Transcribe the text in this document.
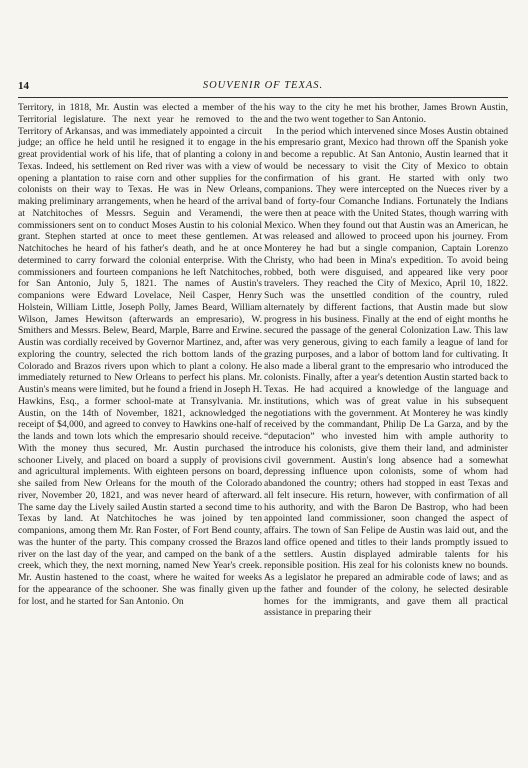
14	SOUVENIR OF TEXAS.

Territory, in 1818, Mr. Austin was elected a member of the Territorial legislature. The next year he removed to the Territory of Arkansas, and was immediately appointed a circuit judge; an office he held until he resigned it to engage in the great providential work of his life, that of planting a colony in Texas. Indeed, his settlement on Red river was with a view of opening a plantation to raise corn and other supplies for the colonists on their way to Texas. He was in New Orleans, making preliminary arrangements, when he heard of the arrival at Natchitoches of Messrs. Seguin and Veramendi, the commissioners sent on to conduct Moses Austin to his colonial grant. Stephen started at once to meet these gentlemen. At Natchitoches he heard of his father's death, and he at once determined to carry forward the colonial enterprise. With the commissioners and fourteen companions he left Natchitoches, for San Antonio, July 5, 1821. The names of Austin's companions were Edward Lovelace, Neil Casper, Henry Holstein, William Little, Joseph Polly, James Beard, William Wilson, James Hewitson (afterwards an empresario), W. Smithers and Messrs. Belew, Beard, Marple, Barre and Erwine. Austin was cordially received by Governor Martinez, and, after exploring the country, selected the rich bottom lands of the Colorado and Brazos rivers upon which to plant a colony. He immediately returned to New Orleans to perfect his plans. Mr. Austin's means were limited, but he found a friend in Joseph H. Hawkins, Esq., a former school-mate at Transylvania. Mr. Austin, on the 14th of November, 1821, acknowledged the receipt of $4,000, and agreed to convey to Hawkins one-half of the lands and town lots which the empresario should receive. With the money thus secured, Mr. Austin purchased the schooner Lively, and placed on board a supply of provisions and agricultural implements. With eighteen persons on board, she sailed from New Orleans for the mouth of the Colorado river, November 20, 1821, and was never heard of afterward. The same day the Lively sailed Austin started a second time to Texas by land. At Natchitoches he was joined by ten companions, among them Mr. Ran Foster, of Fort Bend county, was the hunter of the party. This company crossed the Brazos river on the last day of the year, and camped on the bank of a creek, which they, the next morning, named New Year's creek. Mr. Austin hastened to the coast, where he waited for weeks for the appearance of the schooner. She was finally given up for lost, and he started for San Antonio. On

his way to the city he met his brother, James Brown Austin, and the two went together to San Antonio.

In the period which intervened since Moses Austin obtained his empresario grant, Mexico had thrown off the Spanish yoke and become a republic. At San Antonio, Austin learned that it would be necessary to visit the City of Mexico to obtain confirmation of his grant. He started with only two companions. They were intercepted on the Nueces river by a band of forty-four Comanche Indians. Fortunately the Indians were then at peace with the United States, though warring with Mexico. When they found out that Austin was an American, he was released and allowed to proceed upon his journey. From Monterey he had but a single companion, Captain Lorenzo Christy, who had been in Mina's expedition. To avoid being robbed, both were disguised, and appeared like very poor travelers. They reached the City of Mexico, April 10, 1822. Such was the unsettled condition of the country, ruled alternately by different factions, that Austin made but slow progress in his business. Finally at the end of eight months he secured the passage of the general Colonization Law. This law was very generous, giving to each family a league of land for grazing purposes, and a labor of bottom land for cultivating. It also made a liberal grant to the empresario who introduced the colonists. Finally, after a year's detention Austin started back to Texas. He had acquired a knowledge of the language and institutions, which was of great value in his subsequent negotiations with the government. At Monterey he was kindly received by the commandant, Philip De La Garza, and by the “deputacion” who invested him with ample authority to introduce his colonists, give them their land, and administer civil government. Austin's long absence had a somewhat depressing influence upon colonists, some of whom had abandoned the country; others had stopped in east Texas and all felt insecure. His return, however, with confirmation of all his authority, and with the Baron De Bastrop, who had been appointed land commissioner, soon changed the aspect of affairs. The town of San Felipe de Austin was laid out, and the land office opened and titles to their lands promptly issued to the settlers. Austin displayed admirable talents for his reponsible position. His zeal for his colonists knew no bounds. As a legislator he prepared an admirable code of laws; and as the father and founder of the colony, he selected desirable homes for the immigrants, and gave them all practical assistance in preparing their
